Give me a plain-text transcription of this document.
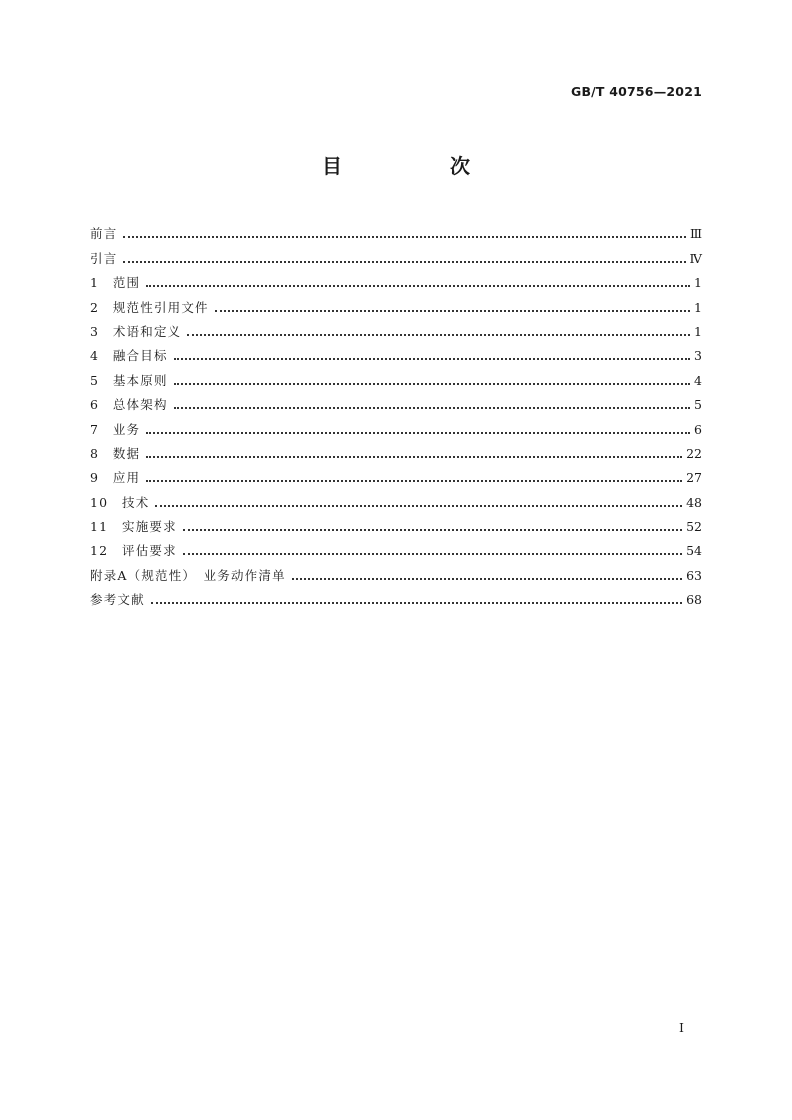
GB/T 40756—2021
目　次
前言	Ⅲ
引言	Ⅳ
1　范围	1
2　规范性引用文件	1
3　术语和定义	1
4　融合目标	3
5　基本原则	4
6　总体架构	5
7　业务	6
8　数据	22
9　应用	27
10　技术	48
11　实施要求	52
12　评估要求	54
附录A（规范性）　业务动作清单	63
参考文献	68
I
